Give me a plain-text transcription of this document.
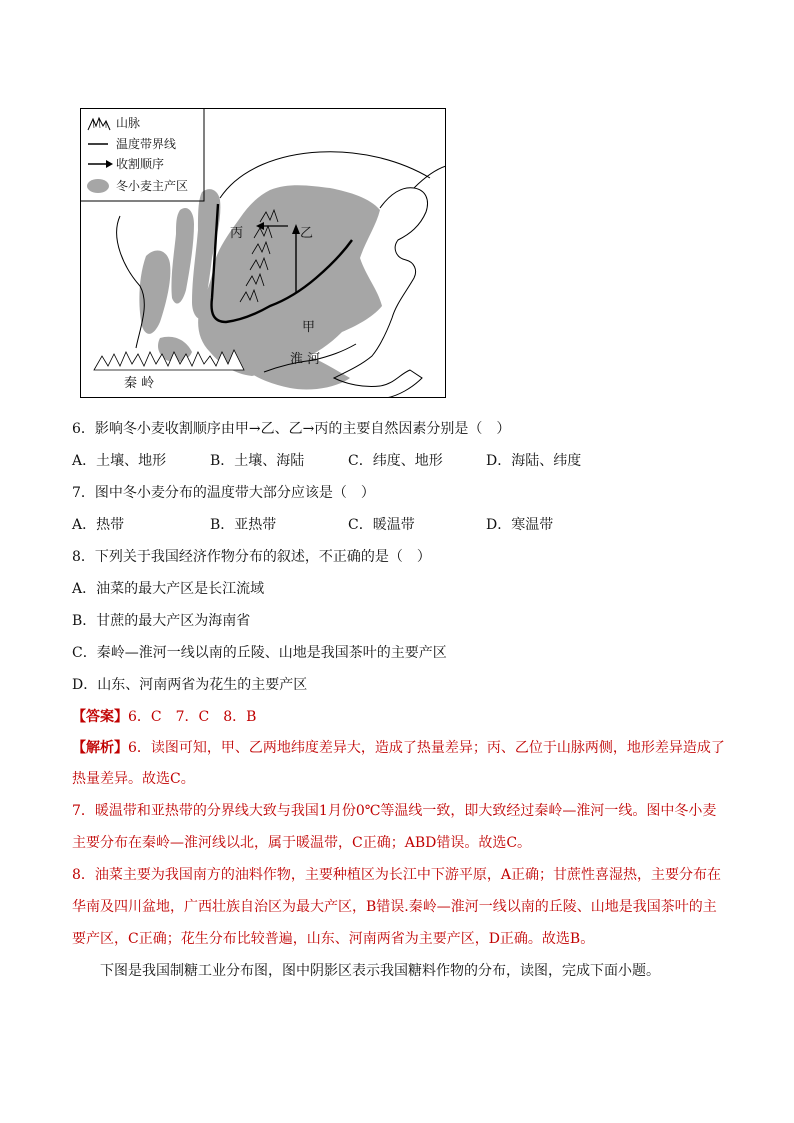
山脉
温度带界线
收割顺序
冬小麦主产区
丙	乙
甲
淮 河
秦 岭
6．影响冬小麦收割顺序由甲→乙、乙→丙的主要自然因素分别是（　）
A．土壤、地形	B．土壤、海陆	C．纬度、地形	D．海陆、纬度
7．图中冬小麦分布的温度带大部分应该是（　）
A．热带	B．亚热带	C．暖温带	D．寒温带
8．下列关于我国经济作物分布的叙述，不正确的是（　）
A．油菜的最大产区是长江流域
B．甘蔗的最大产区为海南省
C．秦岭—淮河一线以南的丘陵、山地是我国茶叶的主要产区
D．山东、河南两省为花生的主要产区
【答案】6．C　7．C　8．B
【解析】6．读图可知，甲、乙两地纬度差异大，造成了热量差异；丙、乙位于山脉两侧，地形差异造成了
热量差异。故选C。
7．暖温带和亚热带的分界线大致与我国1月份0℃等温线一致，即大致经过秦岭—淮河一线。图中冬小麦
主要分布在秦岭—淮河线以北，属于暖温带，C正确；ABD错误。故选C。
8．油菜主要为我国南方的油料作物，主要种植区为长江中下游平原，A正确；甘蔗性喜湿热，主要分布在
华南及四川盆地，广西壮族自治区为最大产区，B错误.秦岭—淮河一线以南的丘陵、山地是我国茶叶的主
要产区，C正确；花生分布比较普遍，山东、河南两省为主要产区，D正确。故选B。
下图是我国制糖工业分布图，图中阴影区表示我国糖料作物的分布，读图，完成下面小题。
